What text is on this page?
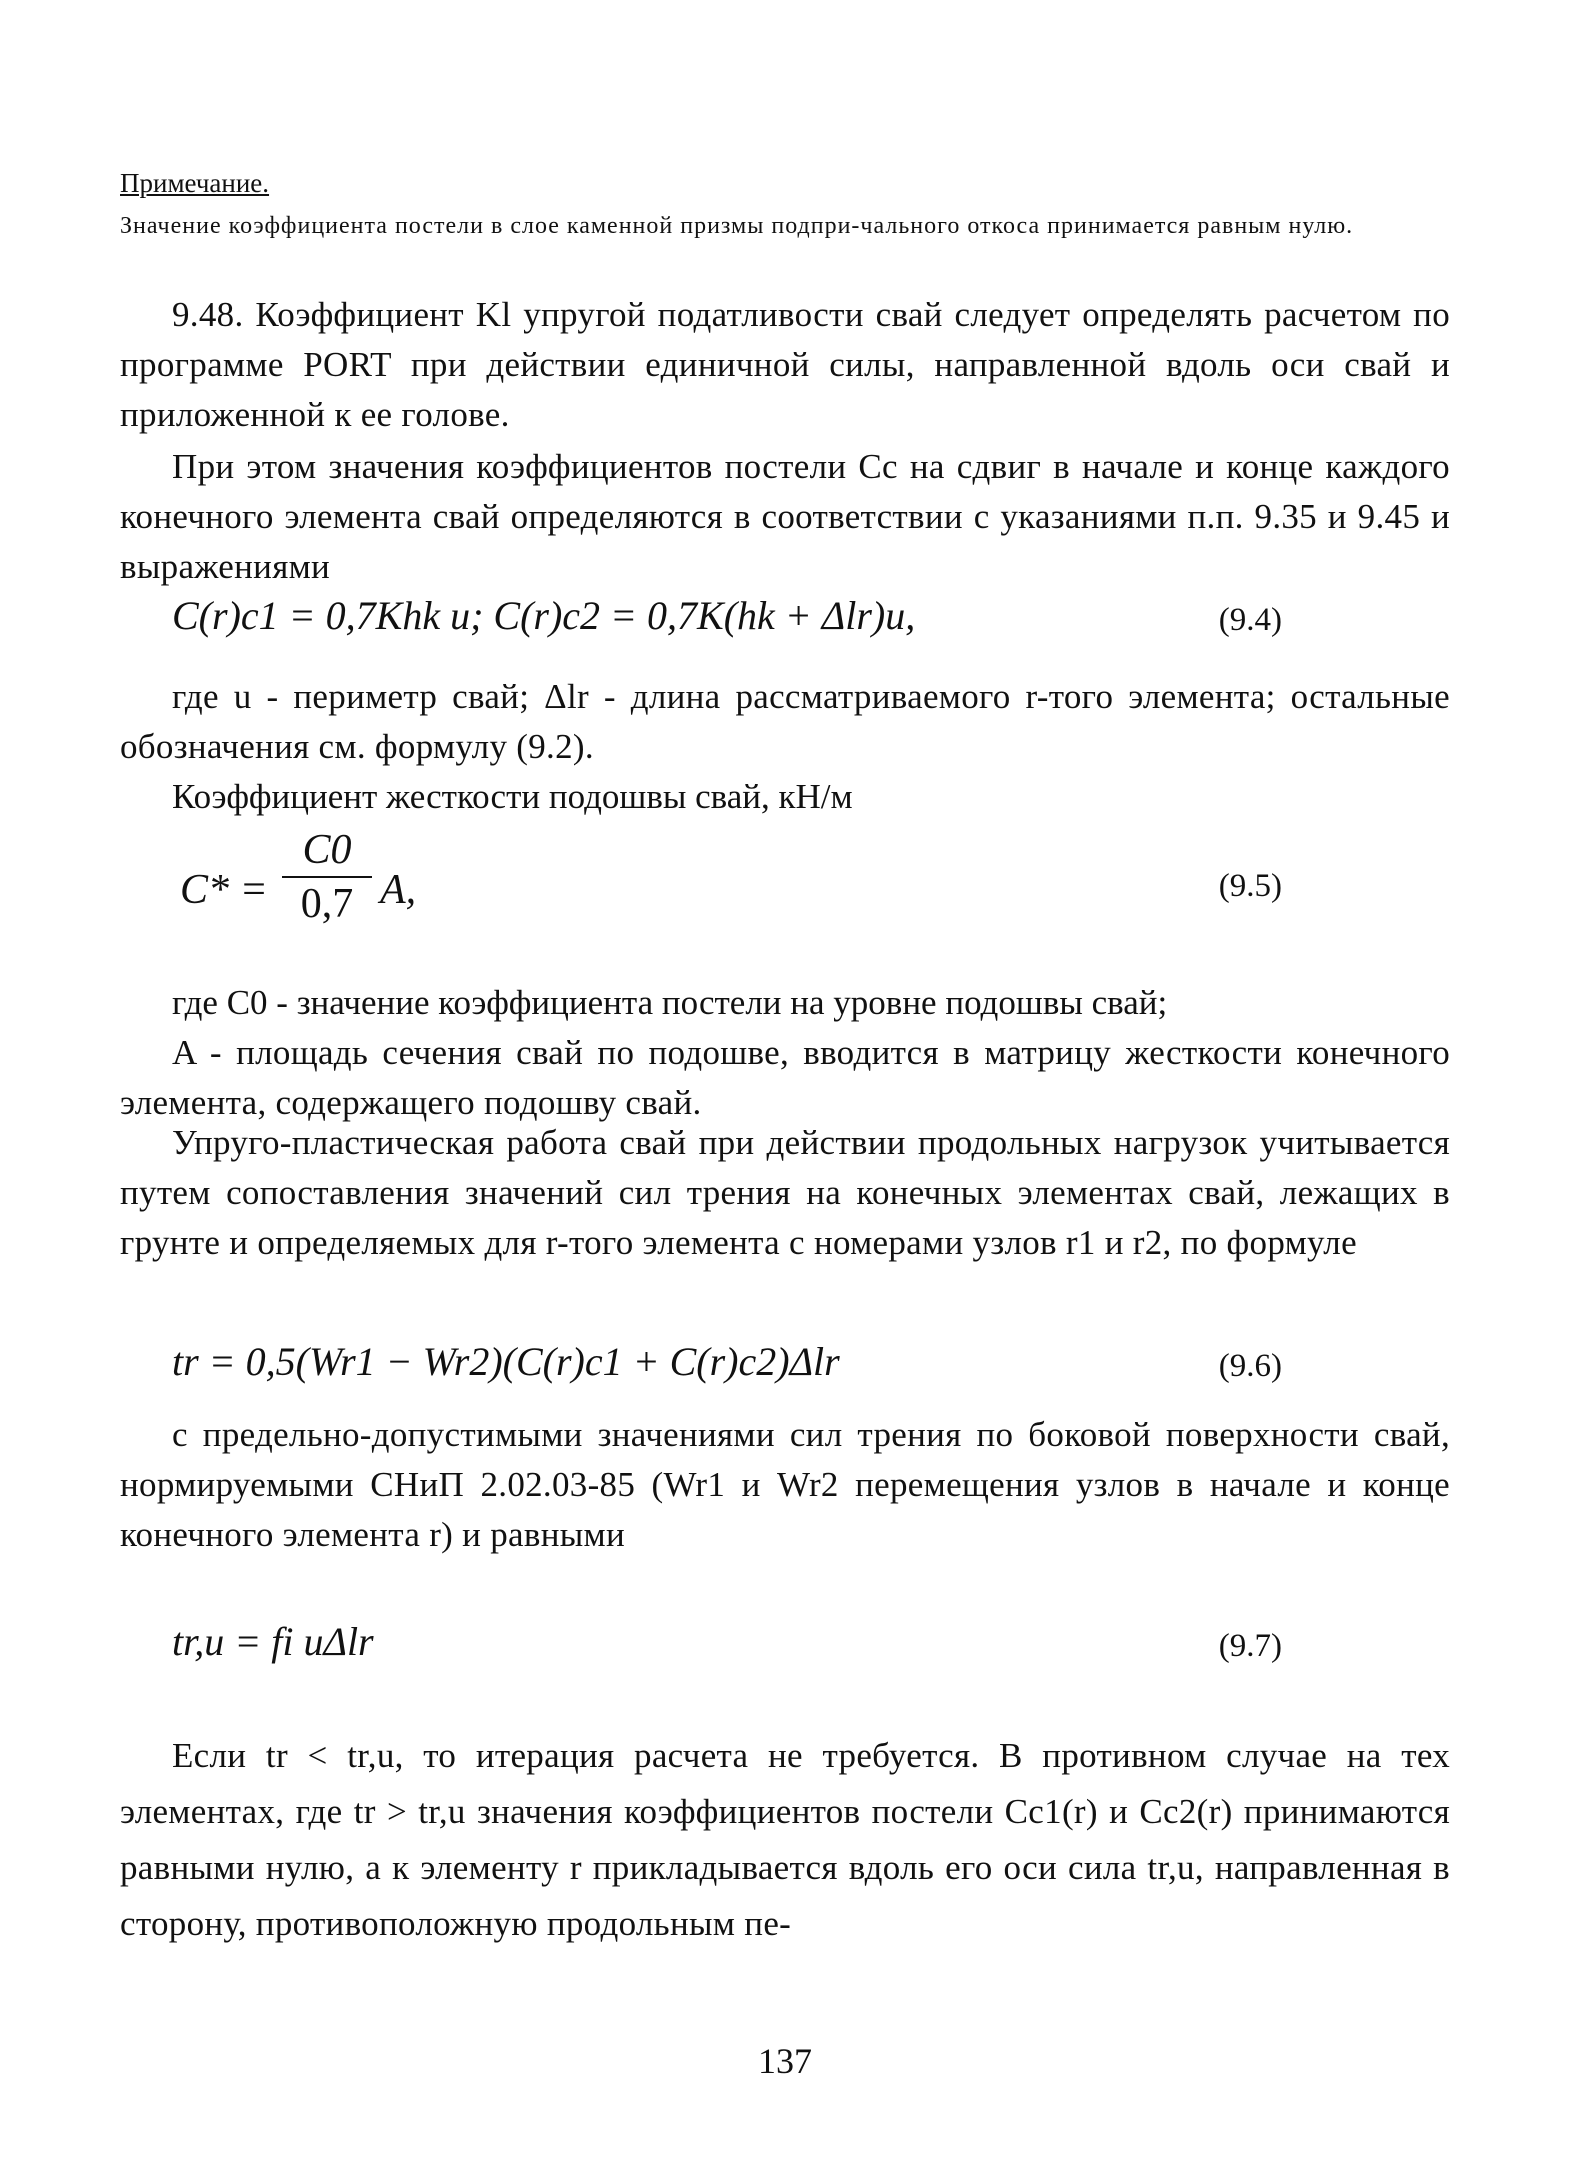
Примечание.
Значение коэффициента постели в слое каменной призмы подпри-чального откоса принимается равным нулю.

9.48. Коэффициент Kl упругой податливости свай следует определять расчетом по программе PORT при действии единичной силы, направленной вдоль оси свай и приложенной к ее голове.

При этом значения коэффициентов постели Cc на сдвиг в начале и конце каждого конечного элемента свай определяются в соответствии с указаниями п.п. 9.35 и 9.45 и выражениями

C(r)c1 = 0,7Khk u; C(r)c2 = 0,7K(hk + Δlr)u,	(9.4)

где u - периметр свай; Δlr - длина рассматриваемого r-того элемента; остальные обозначения см. формулу (9.2).

Коэффициент жесткости подошвы свай, кН/м

$C* = \frac{C0}{0,7} A$,	(9.5)

где C0 - значение коэффициента постели на уровне подошвы свай;

A - площадь сечения свай по подошве, вводится в матрицу жесткости конечного элемента, содержащего подошву свай.

Упруго-пластическая работа свай при действии продольных нагрузок учитывается путем сопоставления значений сил трения на конечных элементах свай, лежащих в грунте и определяемых для r-того элемента с номерами узлов r1 и r2, по формуле

tr = 0,5(Wr1 − Wr2)(C(r)c1 + C(r)c2)Δlr	(9.6)

с предельно-допустимыми значениями сил трения по боковой поверхности свай, нормируемыми СНиП 2.02.03-85 (Wr1 и Wr2 перемещения узлов в начале и конце конечного элемента r) и равными

tr,u = fi uΔlr	(9.7)

Если tr < tr,u, то итерация расчета не требуется. В противном случае на тех элементах, где tr > tr,u значения коэффициентов постели Cc1(r) и Cc2(r) принимаются равными нулю, а к элементу r прикладывается вдоль его оси сила tr,u, направленная в сторону, противоположную продольным пе-

137
